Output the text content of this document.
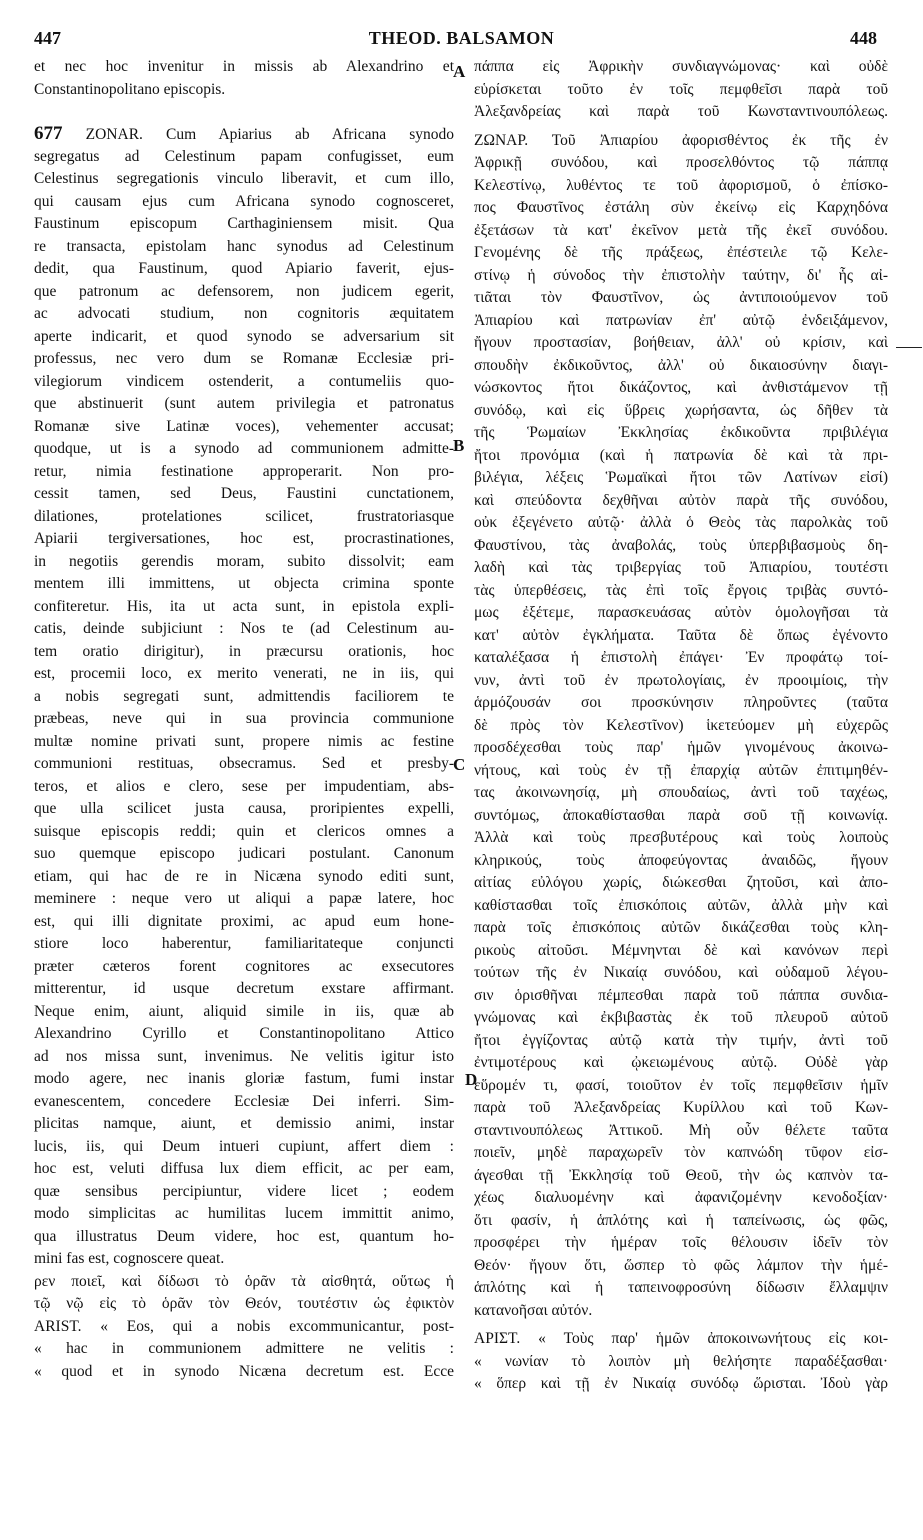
447	THEOD. BALSAMON	448
A
B
C
D
et nec hoc invenitur in missis ab Alexandrino et
Constantinopolitano episcopis.
677 ZONAR. Cum Apiarius ab Africana synodo
segregatus ad Celestinum papam confugisset, eum
Celestinus segregationis vinculo liberavit, et cum illo,
qui causam ejus cum Africana synodo cognosceret,
Faustinum episcopum Carthaginiensem misit. Qua
re transacta, epistolam hanc synodus ad Celestinum
dedit, qua Faustinum, quod Apiario faverit, ejus-
que patronum ac defensorem, non judicem egerit,
ac advocati studium, non cognitoris æquitatem
aperte indicarit, et quod synodo se adversarium sit
professus, nec vero dum se Romanæ Ecclesiæ pri-
vilegiorum vindicem ostenderit, a contumeliis quo-
que abstinuerit (sunt autem privilegia et patronatus
Romanæ sive Latinæ voces), vehementer accusat;
quodque, ut is a synodo ad communionem admitte-
retur, nimia festinatione approperarit. Non pro-
cessit tamen, sed Deus, Faustini cunctationem,
dilationes, protelationes scilicet, frustratoriasque
Apiarii tergiversationes, hoc est, procrastinationes,
in negotiis gerendis moram, subito dissolvit; eam
mentem illi immittens, ut objecta crimina sponte
confiteretur. His, ita ut acta sunt, in epistola expli-
catis, deinde subjiciunt : Nos te (ad Celestinum au-
tem oratio dirigitur), in præcursu orationis, hoc
est, procemii loco, ex merito venerati, ne in iis, qui
a nobis segregati sunt, admittendis faciliorem te
præbeas, neve qui in sua provincia communione
multæ nomine privati sunt, propere nimis ac festine
communioni restituas, obsecramus. Sed et presby-
teros, et alios e clero, sese per impudentiam, abs-
que ulla scilicet justa causa, proripientes expelli,
suisque episcopis reddi; quin et clericos omnes a
suo quemque episcopo judicari postulant. Canonum
etiam, qui hac de re in Nicæna synodo editi sunt,
meminere : neque vero ut aliqui a papæ latere, hoc
est, qui illi dignitate proximi, ac apud eum hone-
stiore loco haberentur, familiaritateque conjuncti
præter cæteros forent cognitores ac exsecutores
mitterentur, id usque decretum exstare affirmant.
Neque enim, aiunt, aliquid simile in iis, quæ ab
Alexandrino Cyrillo et Constantinopolitano Attico
ad nos missa sunt, invenimus. Ne velitis igitur isto
modo agere, nec inanis gloriæ fastum, fumi instar
evanescentem, concedere Ecclesiæ Dei inferri. Sim-
plicitas namque, aiunt, et demissio animi, instar
lucis, iis, qui Deum intueri cupiunt, affert diem :
hoc est, veluti diffusa lux diem efficit, ac per eam,
quæ sensibus percipiuntur, videre licet ; eodem
modo simplicitas ac humilitas lucem immittit animo,
qua illustratus Deum videre, hoc est, quantum ho-
mini fas est, cognoscere queat.
ρεν ποιεῖ, καὶ δίδωσι τὸ ὁρᾶν τὰ αἰσθητά, οὕτως ἡ
τῷ νῷ εἰς τὸ ὁρᾶν τὸν Θεόν, τουτέστιν ὡς ἐφικτὸν
ARIST. « Eos, qui a nobis excommunicantur, post-
« hac in communionem admittere ne velitis :
« quod et in synodo Nicæna decretum est. Ecce
πάππα εἰς Ἀφρικὴν συνδιαγνώμονας· καὶ οὐδὲ
εὑρίσκεται τοῦτο ἐν τοῖς πεμφθεῖσι παρὰ τοῦ
Ἀλεξανδρείας καὶ παρὰ τοῦ Κωνσταντινουπόλεως.
ΖΩΝΑΡ. Τοῦ Ἀπιαρίου ἀφορισθέντος ἐκ τῆς ἐν
Ἀφρικῇ συνόδου, καὶ προσελθόντος τῷ πάππᾳ
Κελεστίνῳ, λυθέντος τε τοῦ ἀφορισμοῦ, ὁ ἐπίσκο-
πος Φαυστῖνος ἐστάλη σὺν ἐκείνῳ εἰς Καρχηδόνα
ἐξετάσων τὰ κατ' ἐκεῖνον μετὰ τῆς ἐκεῖ συνόδου.
Γενομένης δὲ τῆς πράξεως, ἐπέστειλε τῷ Κελε-
στίνῳ ἡ σύνοδος τὴν ἐπιστολὴν ταύτην, δι' ἧς αἰ-
τιᾶται τὸν Φαυστῖνον, ὡς ἀντιποιούμενον τοῦ
Ἀπιαρίου καὶ πατρωνίαν ἐπ' αὐτῷ ἐνδειξάμενον,
ἤγουν προστασίαν, βοήθειαν, ἀλλ' οὐ κρίσιν, καὶ
σπουδὴν ἐκδικοῦντος, ἀλλ' οὐ δικαιοσύνην διαγι-
νώσκοντος ἤτοι δικάζοντος, καὶ ἀνθιστάμενον τῇ
συνόδῳ, καὶ εἰς ὕβρεις χωρήσαντα, ὡς δῆθεν τὰ
τῆς Ῥωμαίων Ἐκκλησίας ἐκδικοῦντα πριβιλέγια
ἤτοι προνόμια (καὶ ἡ πατρωνία δὲ καὶ τὰ πρι-
βιλέγια, λέξεις Ῥωμαϊκαὶ ἤτοι τῶν Λατίνων εἰσί)
καὶ σπεύδοντα δεχθῆναι αὐτὸν παρὰ τῆς συνόδου,
οὐκ ἐξεγένετο αὐτῷ· ἀλλὰ ὁ Θεὸς τὰς παρολκὰς τοῦ
Φαυστίνου, τὰς ἀναβολάς, τοὺς ὑπερβιβασμοὺς δη-
λαδὴ καὶ τὰς τριβεργίας τοῦ Ἀπιαρίου, τουτέστι
τὰς ὑπερθέσεις, τὰς ἐπὶ τοῖς ἔργοις τριβὰς συντό-
μως ἐξέτεμε, παρασκευάσας αὐτὸν ὁμολογῆσαι τὰ
κατ' αὐτὸν ἐγκλήματα. Ταῦτα δὲ ὅπως ἐγένοντο
καταλέξασα ἡ ἐπιστολὴ ἐπάγει· Ἐν προφάτῳ τοί-
νυν, ἀντὶ τοῦ ἐν πρωτολογίαις, ἐν προοιμίοις, τὴν
ἁρμόζουσάν σοι προσκύνησιν πληροῦντες (ταῦτα
δὲ πρὸς τὸν Κελεστῖνον) ἱκετεύομεν μὴ εὐχερῶς
προσδέχεσθαι τοὺς παρ' ἡμῶν γινομένους ἀκοινω-
νήτους, καὶ τοὺς ἐν τῇ ἐπαρχίᾳ αὐτῶν ἐπιτιμηθέν-
τας ἀκοινωνησίᾳ, μὴ σπουδαίως, ἀντὶ τοῦ ταχέως,
συντόμως, ἀποκαθίστασθαι παρὰ σοῦ τῇ κοινωνίᾳ.
Ἀλλὰ καὶ τοὺς πρεσβυτέρους καὶ τοὺς λοιποὺς
κληρικούς, τοὺς ἀποφεύγοντας ἀναιδῶς, ἤγουν
αἰτίας εὐλόγου χωρίς, διώκεσθαι ζητοῦσι, καὶ ἀπο-
καθίστασθαι τοῖς ἐπισκόποις αὐτῶν, ἀλλὰ μὴν καὶ
παρὰ τοῖς ἐπισκόποις αὐτῶν δικάζεσθαι τοὺς κλη-
ρικοὺς αἰτοῦσι. Μέμνηνται δὲ καὶ κανόνων περὶ
τούτων τῆς ἐν Νικαίᾳ συνόδου, καὶ οὐδαμοῦ λέγου-
σιν ὁρισθῆναι πέμπεσθαι παρὰ τοῦ πάππα συνδια-
γνώμονας καὶ ἐκβιβαστὰς ἐκ τοῦ πλευροῦ αὐτοῦ
ἤτοι ἐγγίζοντας αὐτῷ κατὰ τὴν τιμήν, ἀντὶ τοῦ
ἐντιμοτέρους καὶ ᾠκειωμένους αὐτῷ. Οὐδὲ γὰρ
εὕρομέν τι, φασί, τοιοῦτον ἐν τοῖς πεμφθεῖσιν ἡμῖν
παρὰ τοῦ Ἀλεξανδρείας Κυρίλλου καὶ τοῦ Κων-
σταντινουπόλεως Ἀττικοῦ. Μὴ οὖν θέλετε ταῦτα
ποιεῖν, μηδὲ παραχωρεῖν τὸν καπνώδη τῦφον εἰσ-
άγεσθαι τῇ Ἐκκλησίᾳ τοῦ Θεοῦ, τὴν ὡς καπνὸν τα-
χέως διαλυομένην καὶ ἀφανιζομένην κενοδοξίαν·
ὅτι φασίν, ἡ ἁπλότης καὶ ἡ ταπείνωσις, ὡς φῶς,
προσφέρει τὴν ἡμέραν τοῖς θέλουσιν ἰδεῖν τὸν
Θεόν· ἤγουν ὅτι, ὥσπερ τὸ φῶς λάμπον τὴν ἡμέ-
ἁπλότης καὶ ἡ ταπεινοφροσύνη δίδωσιν ἔλλαμψιν
κατανοῆσαι αὐτόν.
ΑΡΙΣΤ. « Τοὺς παρ' ἡμῶν ἀποκοινωνήτους εἰς κοι-
« νωνίαν τὸ λοιπὸν μὴ θελήσητε παραδέξασθαι·
« ὅπερ καὶ τῇ ἐν Νικαίᾳ συνόδῳ ὥρισται. Ἰδοὺ γὰρ
